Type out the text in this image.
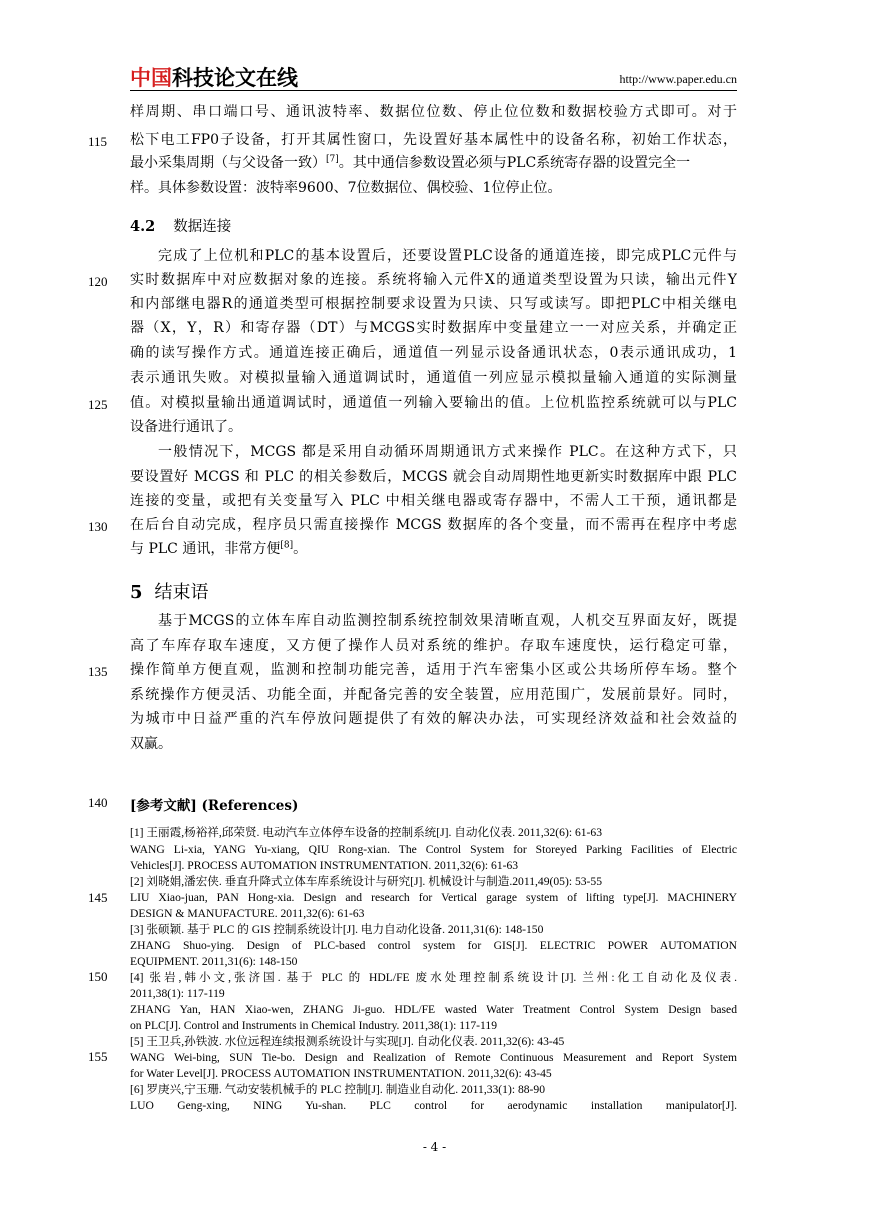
中国科技论文在线	http://www.paper.edu.cn
样周期、串口端口号、通讯波特率、数据位位数、停止位位数和数据校验方式即可。对于
115 松下电工FP0子设备，打开其属性窗口，先设置好基本属性中的设备名称，初始工作状态，
最小采集周期（与父设备一致）[7]。其中通信参数设置必须与PLC系统寄存器的设置完全一
样。具体参数设置：波特率9600、7位数据位、偶校验、1位停止位。
4.2 数据连接
完成了上位机和PLC的基本设置后，还要设置PLC设备的通道连接，即完成PLC元件与
120 实时数据库中对应数据对象的连接。系统将输入元件X的通道类型设置为只读，输出元件Y
和内部继电器R的通道类型可根据控制要求设置为只读、只写或读写。即把PLC中相关继电
器（X，Y，R）和寄存器（DT）与MCGS实时数据库中变量建立一一对应关系，并确定正
确的读写操作方式。通道连接正确后，通道值一列显示设备通讯状态，0表示通讯成功，1
表示通讯失败。对模拟量输入通道调试时，通道值一列应显示模拟量输入通道的实际测量
125 值。对模拟量输出通道调试时，通道值一列输入要输出的值。上位机监控系统就可以与PLC
设备进行通讯了。
一般情况下，MCGS 都是采用自动循环周期通讯方式来操作 PLC。在这种方式下，只
要设置好 MCGS 和 PLC 的相关参数后，MCGS 就会自动周期性地更新实时数据库中跟 PLC
连接的变量，或把有关变量写入 PLC 中相关继电器或寄存器中，不需人工干预，通讯都是
130 在后台自动完成，程序员只需直接操作 MCGS 数据库的各个变量，而不需再在程序中考虑
与 PLC 通讯，非常方便[8]。
5 结束语
基于MCGS的立体车库自动监测控制系统控制效果清晰直观，人机交互界面友好，既提
高了车库存取车速度，又方便了操作人员对系统的维护。存取车速度快，运行稳定可靠，
135 操作简单方便直观，监测和控制功能完善，适用于汽车密集小区或公共场所停车场。整个
系统操作方便灵活、功能全面，并配备完善的安全装置，应用范围广，发展前景好。同时，
为城市中日益严重的汽车停放问题提供了有效的解决办法，可实现经济效益和社会效益的
双赢。
140 [参考文献] (References)
[1] 王丽霞,杨裕祥,邱荣贤. 电动汽车立体停车设备的控制系统[J]. 自动化仪表. 2011,32(6): 61-63
WANG Li-xia, YANG Yu-xiang, QIU Rong-xian. The Control System for Storeyed Parking Facilities of Electric
Vehicles[J]. PROCESS AUTOMATION INSTRUMENTATION. 2011,32(6): 61-63
[2] 刘晓娟,潘宏侠. 垂直升降式立体车库系统设计与研究[J]. 机械设计与制造.2011,49(05): 53-55
145 LIU Xiao-juan, PAN Hong-xia. Design and research for Vertical garage system of lifting type[J]. MACHINERY
DESIGN & MANUFACTURE. 2011,32(6): 61-63
[3] 张硕颖. 基于 PLC 的 GIS 控制系统设计[J]. 电力自动化设备. 2011,31(6): 148-150
ZHANG Shuo-ying. Design of PLC-based control system for GIS[J]. ELECTRIC POWER AUTOMATION
EQUIPMENT. 2011,31(6): 148-150
150 [4] 张岩,韩小文,张济国. 基于 PLC 的 HDL/FE 废水处理控制系统设计[J]. 兰州:化工自动化及仪表.
2011,38(1): 117-119
ZHANG Yan, HAN Xiao-wen, ZHANG Ji-guo. HDL/FE wasted Water Treatment Control System Design based
on PLC[J]. Control and Instruments in Chemical Industry. 2011,38(1): 117-119
[5] 王卫兵,孙铁波. 水位远程连续报测系统设计与实现[J]. 自动化仪表. 2011,32(6): 43-45
155 WANG Wei-bing, SUN Tie-bo. Design and Realization of Remote Continuous Measurement and Report System
for Water Level[J]. PROCESS AUTOMATION INSTRUMENTATION. 2011,32(6): 43-45
[6] 罗庚兴,宁玉珊. 气动安装机械手的 PLC 控制[J]. 制造业自动化. 2011,33(1): 88-90
LUO Geng-xing, NING Yu-shan. PLC control for aerodynamic installation manipulator[J].
- 4 -
